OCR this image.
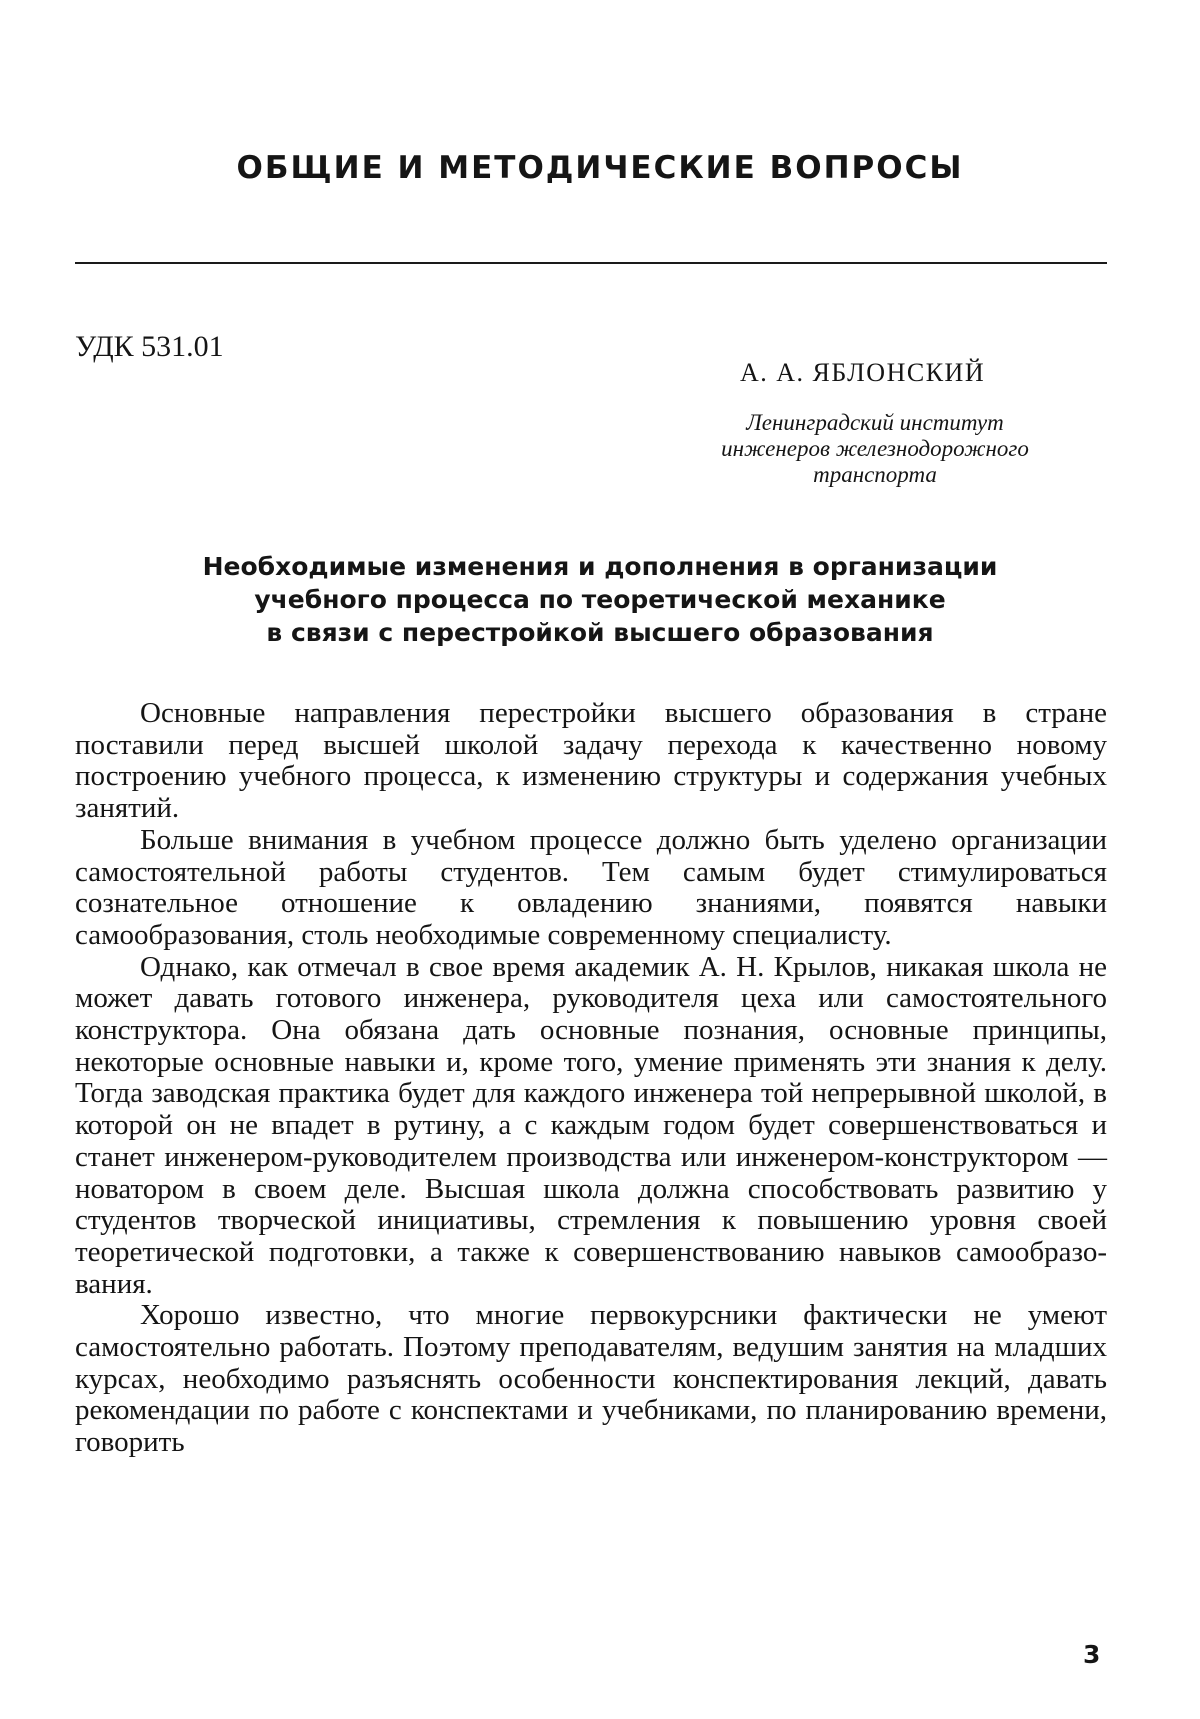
ОБЩИЕ И МЕТОДИЧЕСКИЕ ВОПРОСЫ
УДК 531.01
А. А. ЯБЛОНСКИЙ
Ленинградский институт
инженеров железнодорожного
транспорта
Необходимые изменения и дополнения в организации
учебного процесса по теоретической механике
в связи с перестройкой высшего образования

Основные направления перестройки высшего образования в стране поставили перед высшей школой задачу перехода к качественно новому построению учебного процесса, к изменению структуры и содержания учебных занятий.

Больше внимания в учебном процессе должно быть уделено организации самостоятельной работы студентов. Тем самым будет стимулироваться сознательное отношение к овладению знаниями, появятся навыки самообразования, столь необходимые современному специалисту.

Однако, как отмечал в свое время академик А. Н. Крылов, никакая школа не может давать готового инженера, руководителя цеха или самостоятельного конструктора. Она обязана дать основные познания, основные принципы, некоторые основные навыки и, кроме того, умение применять эти знания к делу. Тогда заводская практика будет для каждого инженера той непрерывной школой, в которой он не впадет в рутину, а с каждым годом будет совершенствоваться и станет инженером-руководителем производства или инженером-конструктором — новатором в своем деле. Высшая школа должна способствовать развитию у студентов творческой инициативы, стремления к повышению уровня своей теоретической подготовки, а также к совершенствованию навыков самообразования.

Хорошо известно, что многие первокурсники фактически не умеют самостоятельно работать. Поэтому преподавателям, ведушим занятия на младших курсах, необходимо разъяснять особенности конспектирования лекций, давать рекомендации по работе с конспектами и учебниками, по планированию времени, говорить

3
